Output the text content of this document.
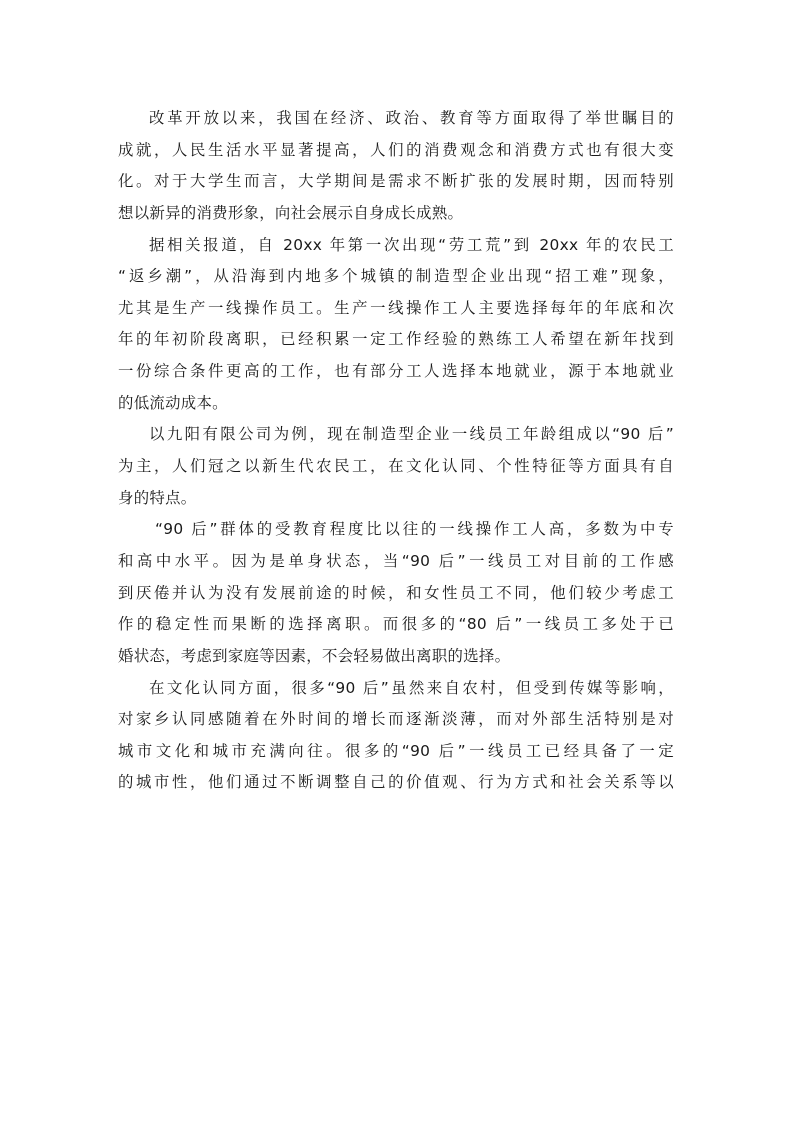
改革开放以来，我国在经济、政治、教育等方面取得了举世瞩目的
成就，人民生活水平显著提高，人们的消费观念和消费方式也有很大变
化。对于大学生而言，大学期间是需求不断扩张的发展时期，因而特别
想以新异的消费形象，向社会展示自身成长成熟。
据相关报道，自 20xx 年第一次出现“劳工荒”到 20xx 年的农民工
“返乡潮”，从沿海到内地多个城镇的制造型企业出现“招工难”现象，
尤其是生产一线操作员工。生产一线操作工人主要选择每年的年底和次
年的年初阶段离职，已经积累一定工作经验的熟练工人希望在新年找到
一份综合条件更高的工作，也有部分工人选择本地就业，源于本地就业
的低流动成本。
以九阳有限公司为例，现在制造型企业一线员工年龄组成以“90 后”
为主，人们冠之以新生代农民工，在文化认同、个性特征等方面具有自
身的特点。
“90 后”群体的受教育程度比以往的一线操作工人高，多数为中专
和高中水平。因为是单身状态，当“90 后”一线员工对目前的工作感
到厌倦并认为没有发展前途的时候，和女性员工不同，他们较少考虑工
作的稳定性而果断的选择离职。而很多的“80 后”一线员工多处于已
婚状态，考虑到家庭等因素，不会轻易做出离职的选择。
在文化认同方面，很多“90 后”虽然来自农村，但受到传媒等影响，
对家乡认同感随着在外时间的增长而逐渐淡薄，而对外部生活特别是对
城市文化和城市充满向往。很多的“90 后”一线员工已经具备了一定
的城市性，他们通过不断调整自己的价值观、行为方式和社会关系等以
